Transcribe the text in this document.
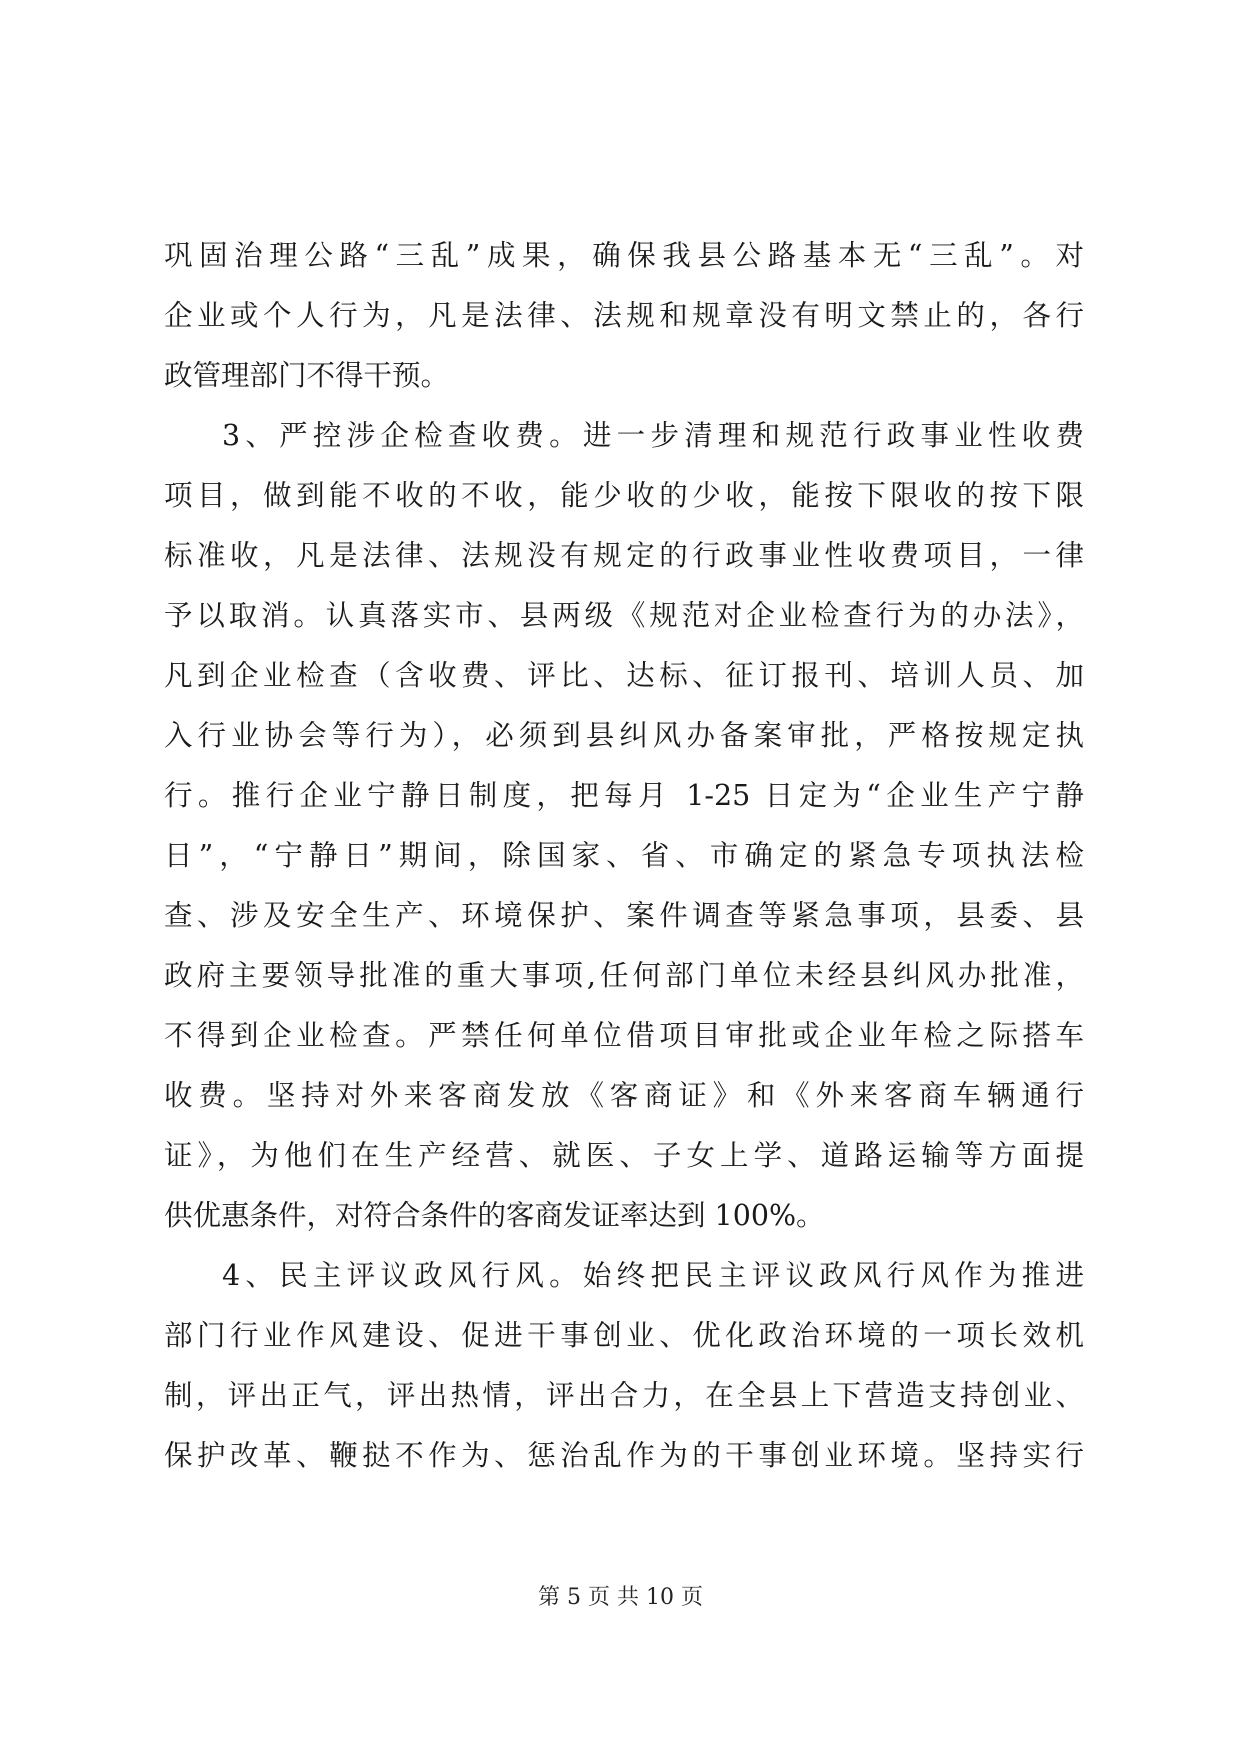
巩固治理公路“三乱”成果，确保我县公路基本无“三乱”。对
企业或个人行为，凡是法律、法规和规章没有明文禁止的，各行
政管理部门不得干预。
3、严控涉企检查收费。进一步清理和规范行政事业性收费
项目，做到能不收的不收，能少收的少收，能按下限收的按下限
标准收，凡是法律、法规没有规定的行政事业性收费项目，一律
予以取消。认真落实市、县两级《规范对企业检查行为的办法》，
凡到企业检查（含收费、评比、达标、征订报刊、培训人员、加
入行业协会等行为），必须到县纠风办备案审批，严格按规定执
行。推行企业宁静日制度，把每月 1-25 日定为“企业生产宁静
日”，“宁静日”期间，除国家、省、市确定的紧急专项执法检
查、涉及安全生产、环境保护、案件调查等紧急事项，县委、县
政府主要领导批准的重大事项,任何部门单位未经县纠风办批准，
不得到企业检查。严禁任何单位借项目审批或企业年检之际搭车
收费。坚持对外来客商发放《客商证》和《外来客商车辆通行
证》，为他们在生产经营、就医、子女上学、道路运输等方面提
供优惠条件，对符合条件的客商发证率达到 100%。
4、民主评议政风行风。始终把民主评议政风行风作为推进
部门行业作风建设、促进干事创业、优化政治环境的一项长效机
制，评出正气，评出热情，评出合力，在全县上下营造支持创业、
保护改革、鞭挞不作为、惩治乱作为的干事创业环境。坚持实行
第 5 页 共 10 页
